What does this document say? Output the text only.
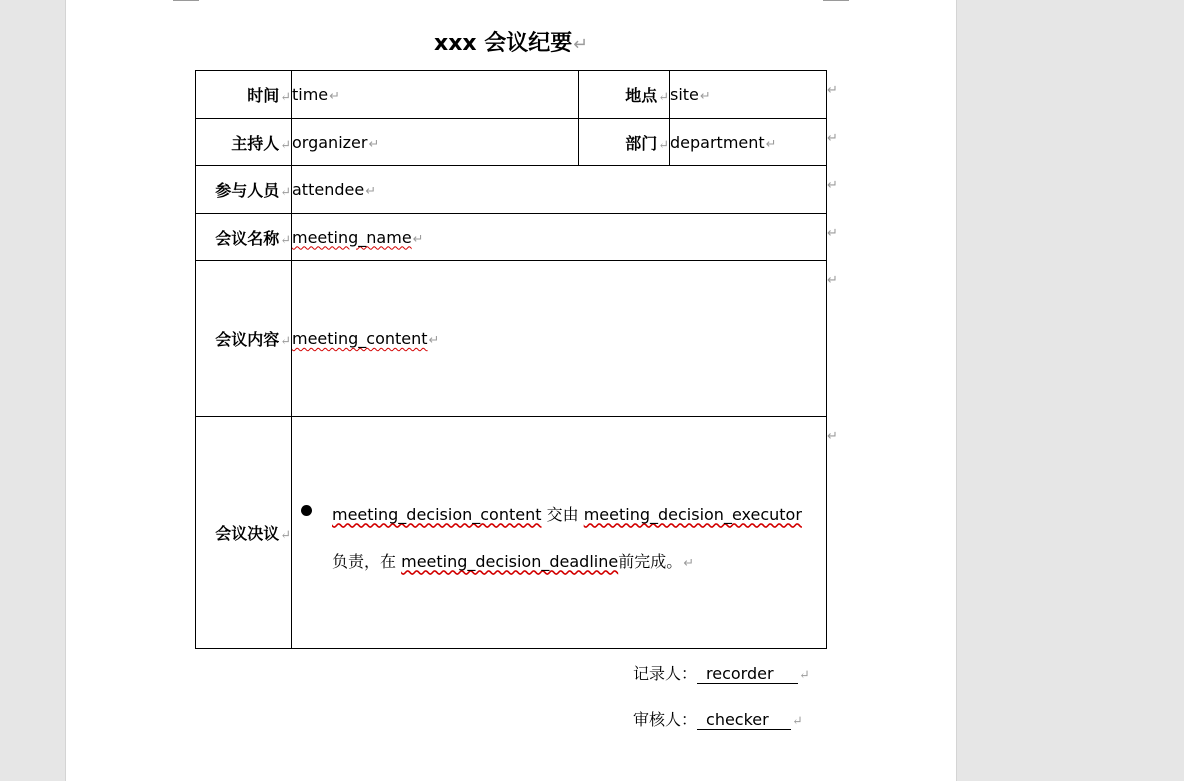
xxx 会议纪要↵
时间↵	time↵	地点↵	site↵
主持人↵	organizer↵	部门↵	department↵
参与人员↵	attendee↵		
会议名称↵	meeting_name↵		
会议内容↵	meeting_content↵		
会议决议↵	meeting_decision_content 交由 meeting_decision_executor 负责，在 meeting_decision_deadline前完成。↵		
↵
↵
↵
↵
↵
↵
记录人： recorder ↵
审核人： checker ↵
